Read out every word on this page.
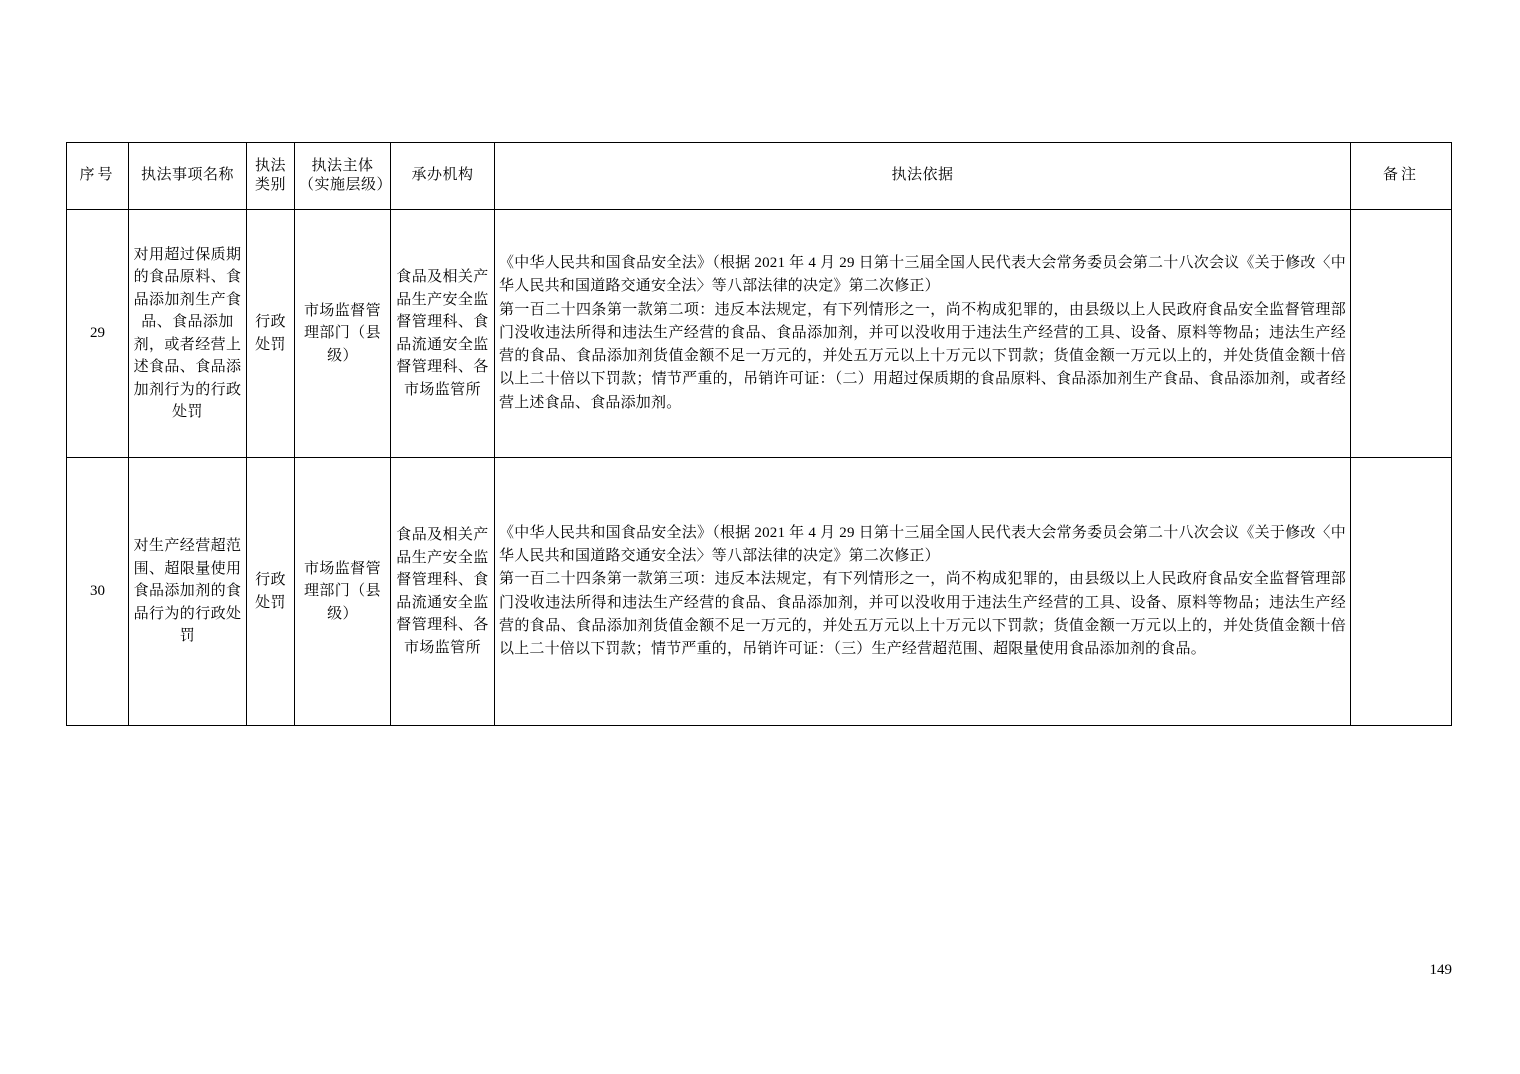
序号	执法事项名称	执法类别	执法主体（实施层级）	承办机构	执法依据	备注
29	对用超过保质期的食品原料、食品添加剂生产食品、食品添加剂，或者经营上述食品、食品添加剂行为的行政处罚	行政处罚	市场监督管理部门（县级）	食品及相关产品生产安全监督管理科、食品流通安全监督管理科、各市场监管所	《中华人民共和国食品安全法》（根据 2021 年 4 月 29 日第十三届全国人民代表大会常务委员会第二十八次会议《关于修改〈中华人民共和国道路交通安全法〉等八部法律的决定》第二次修正）

第一百二十四条第一款第二项：违反本法规定，有下列情形之一，尚不构成犯罪的，由县级以上人民政府食品安全监督管理部门没收违法所得和违法生产经营的食品、食品添加剂，并可以没收用于违法生产经营的工具、设备、原料等物品；违法生产经营的食品、食品添加剂货值金额不足一万元的，并处五万元以上十万元以下罚款；货值金额一万元以上的，并处货值金额十倍以上二十倍以下罚款；情节严重的，吊销许可证：（二）用超过保质期的食品原料、食品添加剂生产食品、食品添加剂，或者经营上述食品、食品添加剂。	

30	对生产经营超范围、超限量使用食品添加剂的食品行为的行政处罚	行政处罚	市场监督管理部门（县级）	食品及相关产品生产安全监督管理科、食品流通安全监督管理科、各市场监管所	《中华人民共和国食品安全法》（根据 2021 年 4 月 29 日第十三届全国人民代表大会常务委员会第二十八次会议《关于修改〈中华人民共和国道路交通安全法〉等八部法律的决定》第二次修正）

第一百二十四条第一款第三项：违反本法规定，有下列情形之一，尚不构成犯罪的，由县级以上人民政府食品安全监督管理部门没收违法所得和违法生产经营的食品、食品添加剂，并可以没收用于违法生产经营的工具、设备、原料等物品；违法生产经营的食品、食品添加剂货值金额不足一万元的，并处五万元以上十万元以下罚款；货值金额一万元以上的，并处货值金额十倍以上二十倍以下罚款；情节严重的，吊销许可证：（三）生产经营超范围、超限量使用食品添加剂的食品。	

149
